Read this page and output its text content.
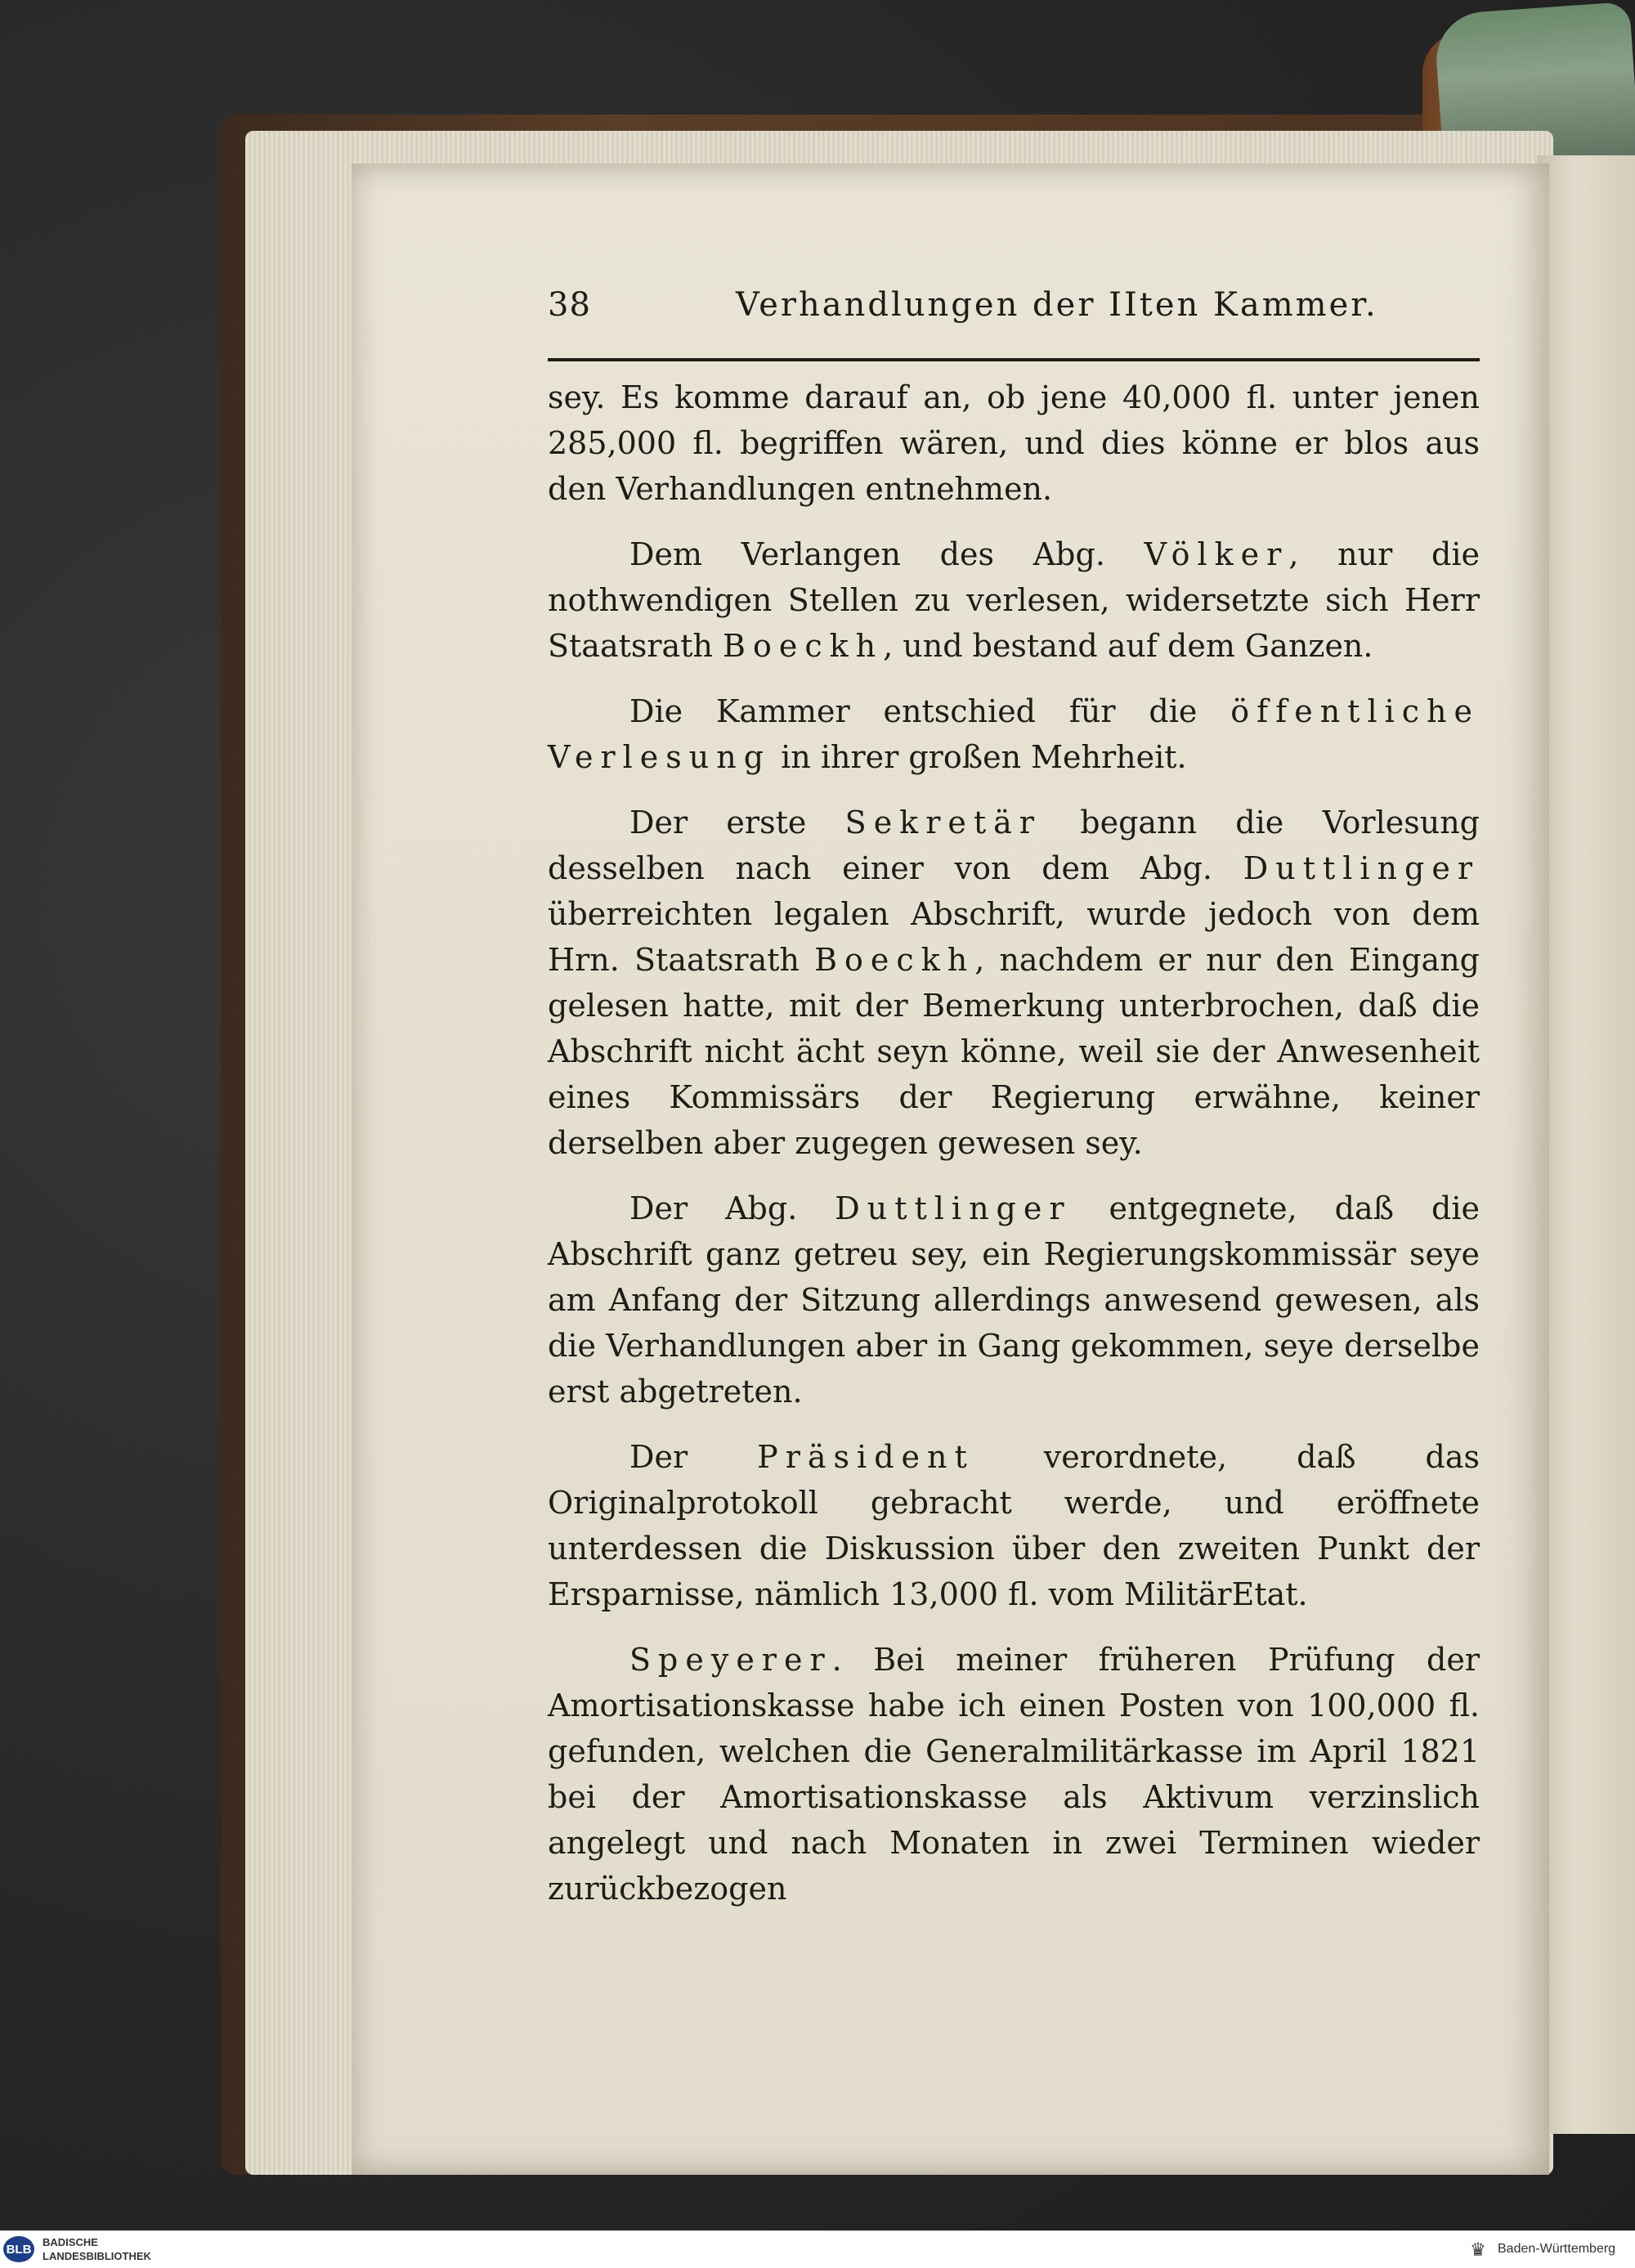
38	Verhandlungen der IIten Kammer.

sey. Es komme darauf an, ob jene 40,000 fl. unter jenen 285,000 fl. begriffen wären, und dies könne er blos aus den Verhandlungen entnehmen.

Dem Verlangen des Abg. Völker, nur die nothwendigen Stellen zu verlesen, widersetzte sich Herr Staatsrath Boeckh, und bestand auf dem Ganzen.

Die Kammer entschied für die öffentliche Verlesung in ihrer großen Mehrheit.

Der erste Sekretär begann die Vorlesung desselben nach einer von dem Abg. Duttlinger überreichten legalen Abschrift, wurde jedoch von dem Hrn. Staatsrath Boeckh, nachdem er nur den Eingang gelesen hatte, mit der Bemerkung unterbrochen, daß die Abschrift nicht ächt seyn könne, weil sie der Anwesenheit eines Kommissärs der Regierung erwähne, keiner derselben aber zugegen gewesen sey.

Der Abg. Duttlinger entgegnete, daß die Abschrift ganz getreu sey, ein Regierungskommissär seye am Anfang der Sitzung allerdings anwesend gewesen, als die Verhandlungen aber in Gang gekommen, seye derselbe erst abgetreten.

Der Präsident verordnete, daß das Originalprotokoll gebracht werde, und eröffnete unterdessen die Diskussion über den zweiten Punkt der Ersparnisse, nämlich 13,000 fl. vom MilitärEtat.

Speyerer. Bei meiner früheren Prüfung der Amortisationskasse habe ich einen Posten von 100,000 fl. gefunden, welchen die Generalmilitärkasse im April 1821 bei der Amortisationskasse als Aktivum verzinslich angelegt und nach Monaten in zwei Terminen wieder zurückbezogen

BLB BADISCHE
LANDESBIBLIOTHEK	♛ Baden-Württemberg
